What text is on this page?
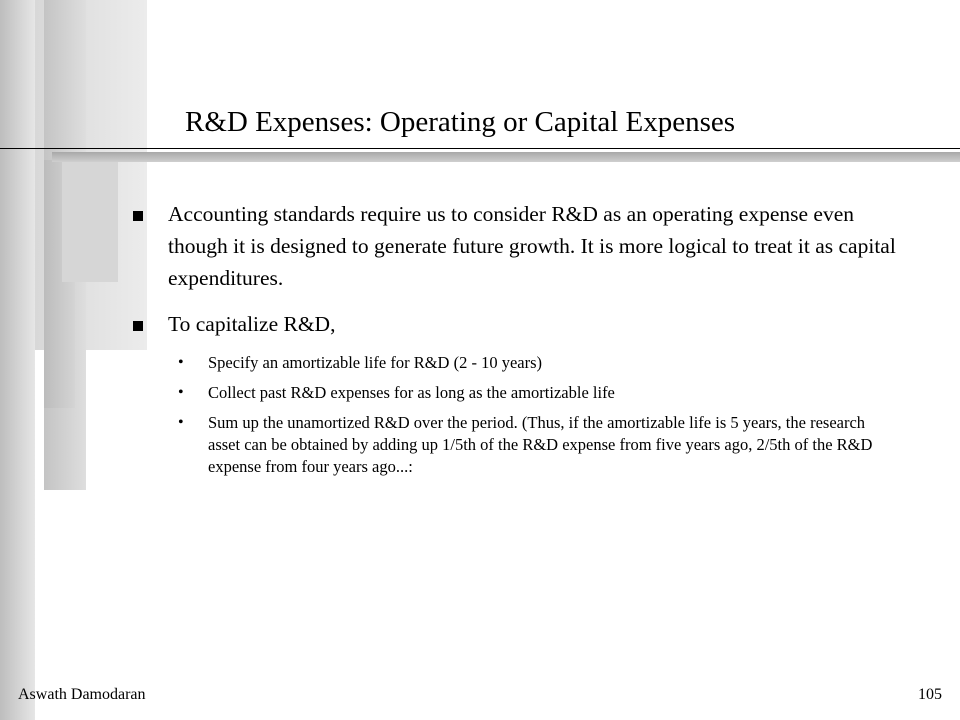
R&D Expenses: Operating or Capital Expenses
Accounting standards require us to consider R&D as an operating expense even though it is designed to generate future growth. It is more logical to treat it as capital expenditures.
To capitalize R&D,
• Specify an amortizable life for R&D (2 - 10 years)
• Collect past R&D expenses for as long as the amortizable life
• Sum up the unamortized R&D over the period. (Thus, if the amortizable life is 5 years, the research asset can be obtained by adding up 1/5th of the R&D expense from five years ago, 2/5th of the R&D expense from four years ago...:
Aswath Damodaran	105
